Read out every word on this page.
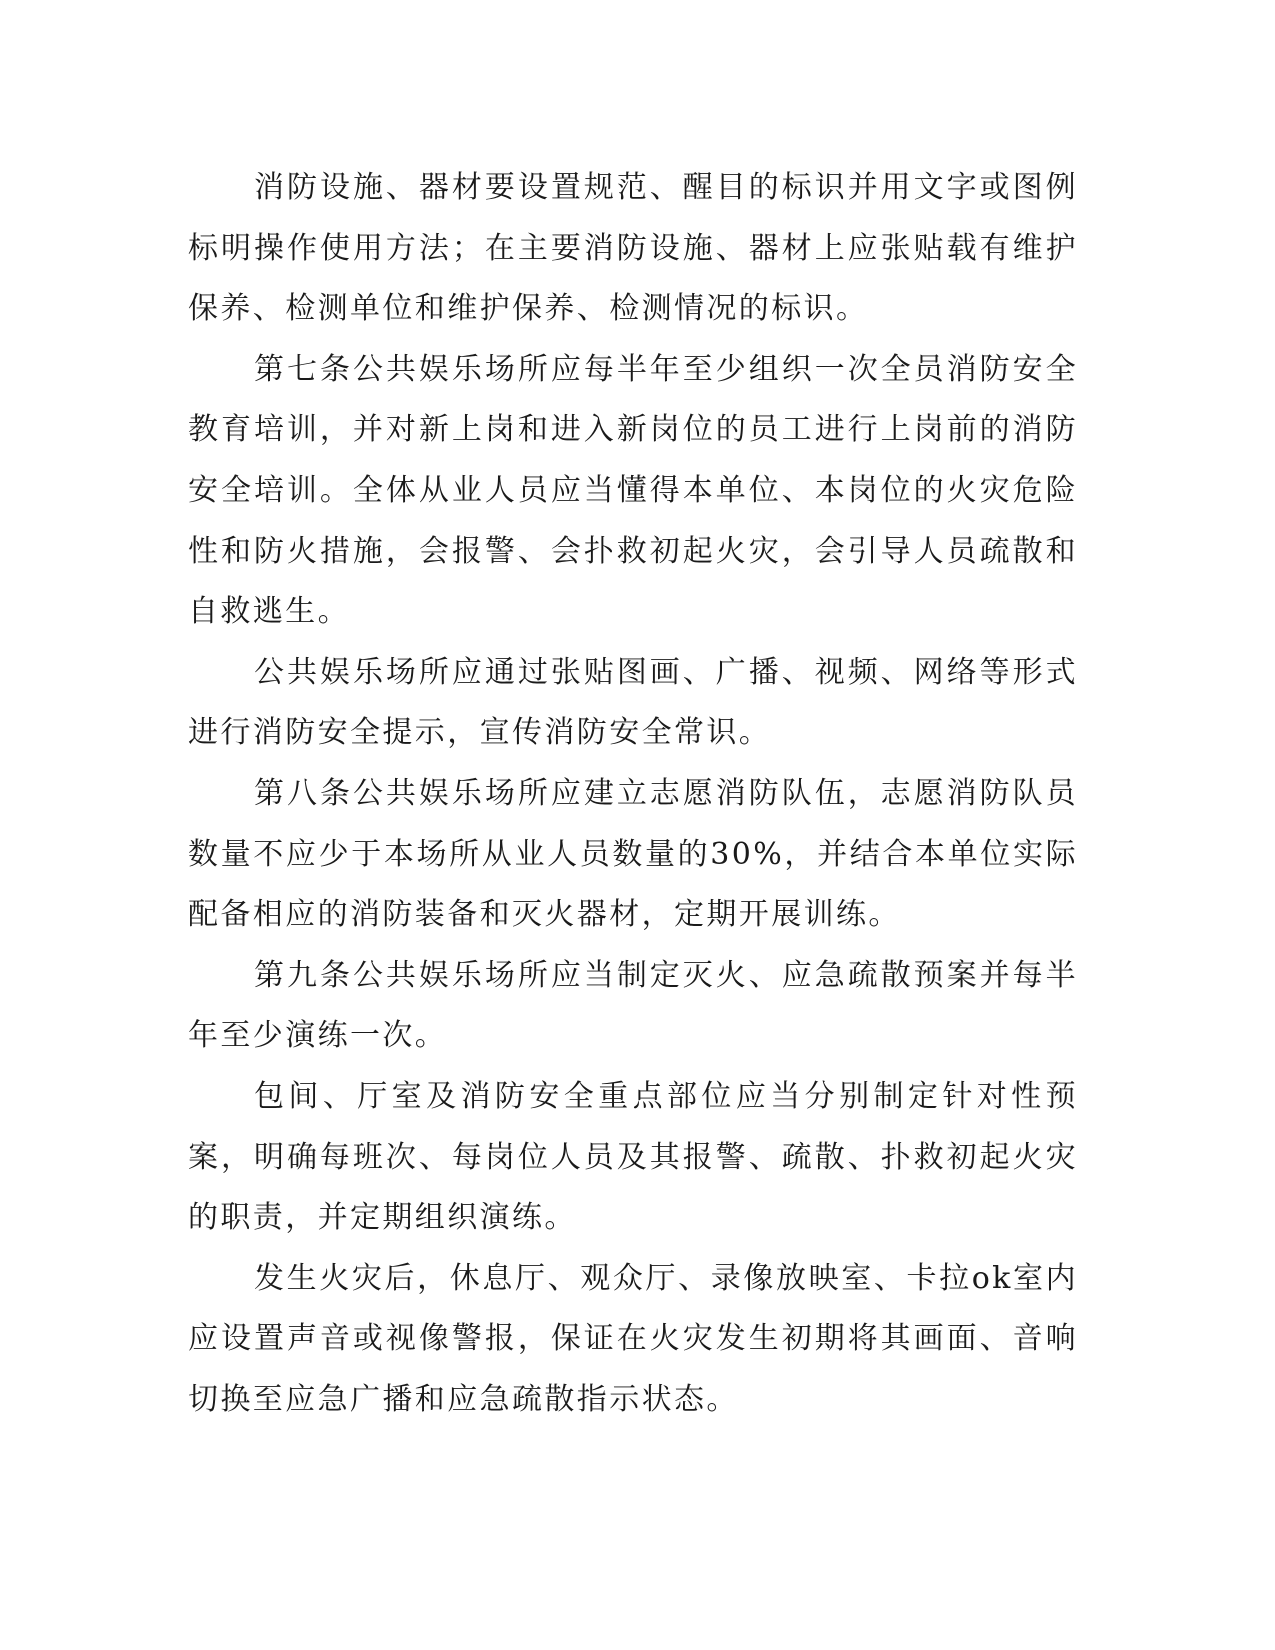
消防设施、器材要设置规范、醒目的标识并用文字或图例标明操作使用方法；在主要消防设施、器材上应张贴载有维护保养、检测单位和维护保养、检测情况的标识。

第七条公共娱乐场所应每半年至少组织一次全员消防安全教育培训，并对新上岗和进入新岗位的员工进行上岗前的消防安全培训。全体从业人员应当懂得本单位、本岗位的火灾危险性和防火措施，会报警、会扑救初起火灾，会引导人员疏散和自救逃生。

公共娱乐场所应通过张贴图画、广播、视频、网络等形式进行消防安全提示，宣传消防安全常识。

第八条公共娱乐场所应建立志愿消防队伍，志愿消防队员数量不应少于本场所从业人员数量的30%，并结合本单位实际配备相应的消防装备和灭火器材，定期开展训练。

第九条公共娱乐场所应当制定灭火、应急疏散预案并每半年至少演练一次。

包间、厅室及消防安全重点部位应当分别制定针对性预案，明确每班次、每岗位人员及其报警、疏散、扑救初起火灾的职责，并定期组织演练。

发生火灾后，休息厅、观众厅、录像放映室、卡拉ok室内应设置声音或视像警报，保证在火灾发生初期将其画面、音响切换至应急广播和应急疏散指示状态。
